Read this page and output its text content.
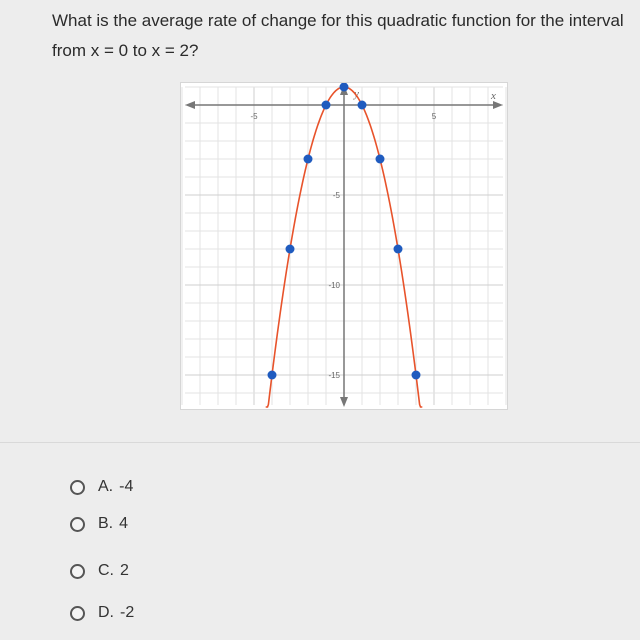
What is the average rate of change for this quadratic function for the interval
from x = 0 to x = 2?
x
y
-5	5
-5
-10
-15
A. -4
B. 4
C. 2
D. -2
